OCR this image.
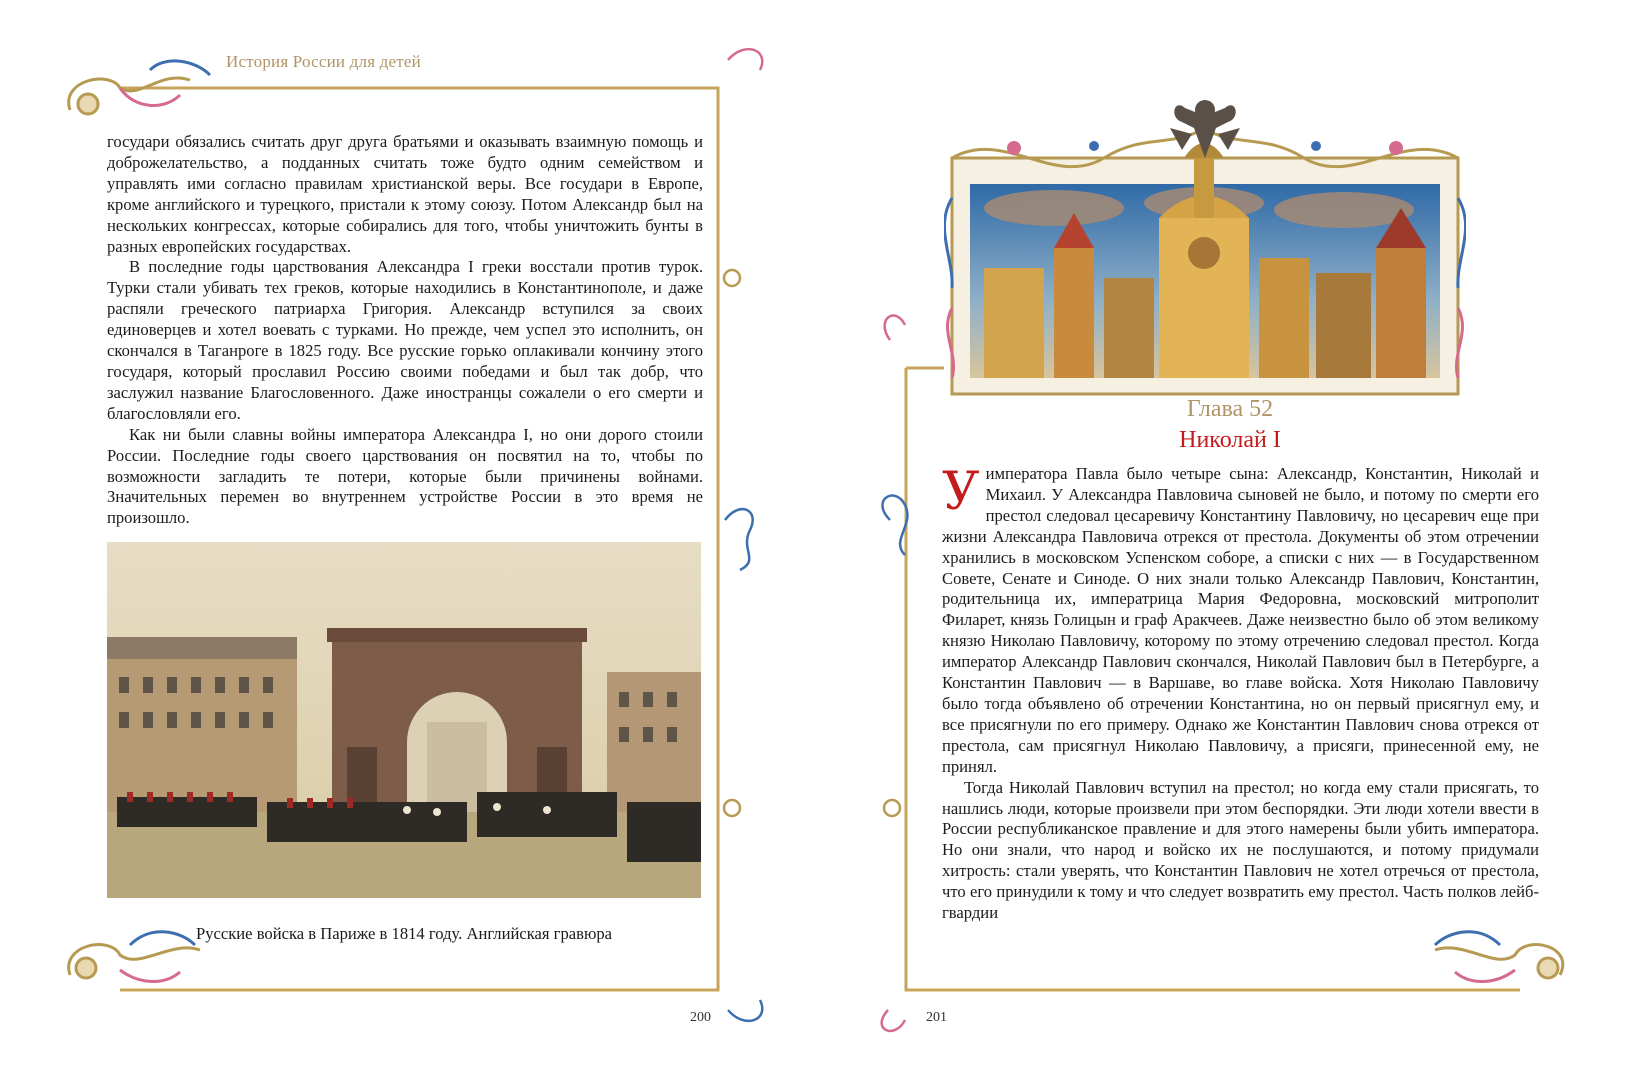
История России для детей

государи обязались считать друг друга братьями и оказывать взаимную помощь и доброжелательство, а подданных считать тоже будто одним семейством и управлять ими согласно правилам христианской веры. Все государи в Европе, кроме английского и турецкого, пристали к этому союзу. Потом Александр был на нескольких конгрессах, которые собирались для того, чтобы уничтожить бунты в разных европейских государствах.

В последние годы царствования Александра I греки восстали против турок. Турки стали убивать тех греков, которые находились в Константинополе, и даже распяли греческого патриарха Григория. Александр вступился за своих единоверцев и хотел воевать с турками. Но прежде, чем успел это исполнить, он скончался в Таганроге в 1825 году. Все русские горько оплакивали кончину этого государя, который прославил Россию своими победами и был так добр, что заслужил название Благословенного. Даже иностранцы сожалели о его смерти и благословляли его.

Как ни были славны войны императора Александра I, но они дорого стоили России. Последние годы своего царствования он посвятил на то, чтобы по возможности загладить те потери, которые были причинены войнами. Значительных перемен во внутреннем устройстве России в это время не произошло.

Русские войска в Париже в 1814 году. Английская гравюра
200
Глава 52
Николай I

У императора Павла было четыре сына: Александр, Константин, Николай и Михаил. У Александра Павловича сыновей не было, и потому по смерти его престол следовал цесаревичу Константину Павловичу, но цесаревич еще при жизни Александра Павловича отрекся от престола. Документы об этом отречении хранились в московском Успенском соборе, а списки с них — в Государственном Совете, Сенате и Синоде. О них знали только Александр Павлович, Константин, родительница их, императрица Мария Федоровна, московский митрополит Филарет, князь Голицын и граф Аракчеев. Даже неизвестно было об этом великому князю Николаю Павловичу, которому по этому отречению следовал престол. Когда император Александр Павлович скончался, Николай Павлович был в Петербурге, а Константин Павлович — в Варшаве, во главе войска. Хотя Николаю Павловичу было тогда объявлено об отречении Константина, но он первый присягнул ему, и все присягнули по его примеру. Однако же Константин Павлович снова отрекся от престола, сам присягнул Николаю Павловичу, а присяги, принесенной ему, не принял.

Тогда Николай Павлович вступил на престол; но когда ему стали присягать, то нашлись люди, которые произвели при этом беспорядки. Эти люди хотели ввести в России республиканское правление и для этого намерены были убить императора. Но они знали, что народ и войско их не послушаются, и потому придумали хитрость: стали уверять, что Константин Павлович не хотел отречься от престола, что его принудили к тому и что следует возвратить ему престол. Часть полков лейб-гвардии

201
